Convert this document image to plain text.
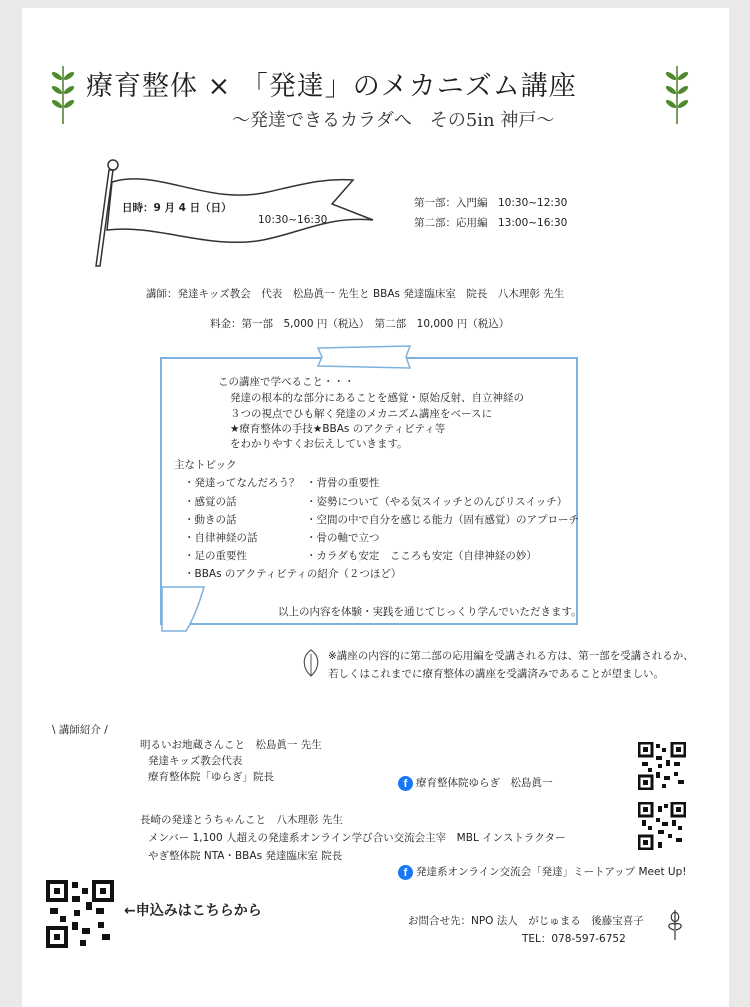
療育整体 × 「発達」のメカニズム講座
～発達できるカラダへ　その5in 神戸～
日時：9 月 4 日（日）
10:30~16:30
第一部：入門編　10:30~12:30
第二部：応用編　13:00~16:30
講師：発達キッズ教会　代表　松島眞一 先生と BBAs 発達臨床室　院長　八木理彰 先生
料金：第一部　5,000 円（税込）　第二部　10,000 円（税込）
この講座で学べること・・・
発達の根本的な部分にあることを感覚・原始反射、自立神経の
３つの視点でひも解く発達のメカニズム講座をベースに
★療育整体の手技★BBAs のアクティビティ等
をわかりやすくお伝えしていきます。
主なトピック
・発達ってなんだろう？
・感覚の話
・動きの話
・自律神経の話
・足の重要性
・BBAs のアクティビティの紹介（２つほど）
・背骨の重要性
・姿勢について（やる気スイッチとのんびリスイッチ）
・空間の中で自分を感じる能力（固有感覚）のアプローチ
・骨の軸で立つ
・カラダも安定　こころも安定（自律神経の妙）
以上の内容を体験・実践を通じてじっくり学んでいただきます。
※講座の内容的に第二部の応用編を受講される方は、第一部を受講されるか、
若しくはこれまでに療育整体の講座を受講済みであることが望ましい。
\ 講師紹介 /
明るいお地蔵さんこと　松島眞一 先生
発達キッズ教会代表
療育整体院「ゆらぎ」院長
f 療育整体院ゆらぎ　松島眞一
長崎の発達とうちゃんこと　八木理彰 先生
メンバー 1,100 人超えの発達系オンライン学び合い交流会主宰　MBL インストラクター
やぎ整体院 NTA・BBAs 発達臨床室 院長
f 発達系オンライン交流会「発達」ミートアップ Meet Up!
←申込みはこちらから
お問合せ先：NPO 法人　がじゅまる　後藤宝喜子
TEL：078-597-6752
